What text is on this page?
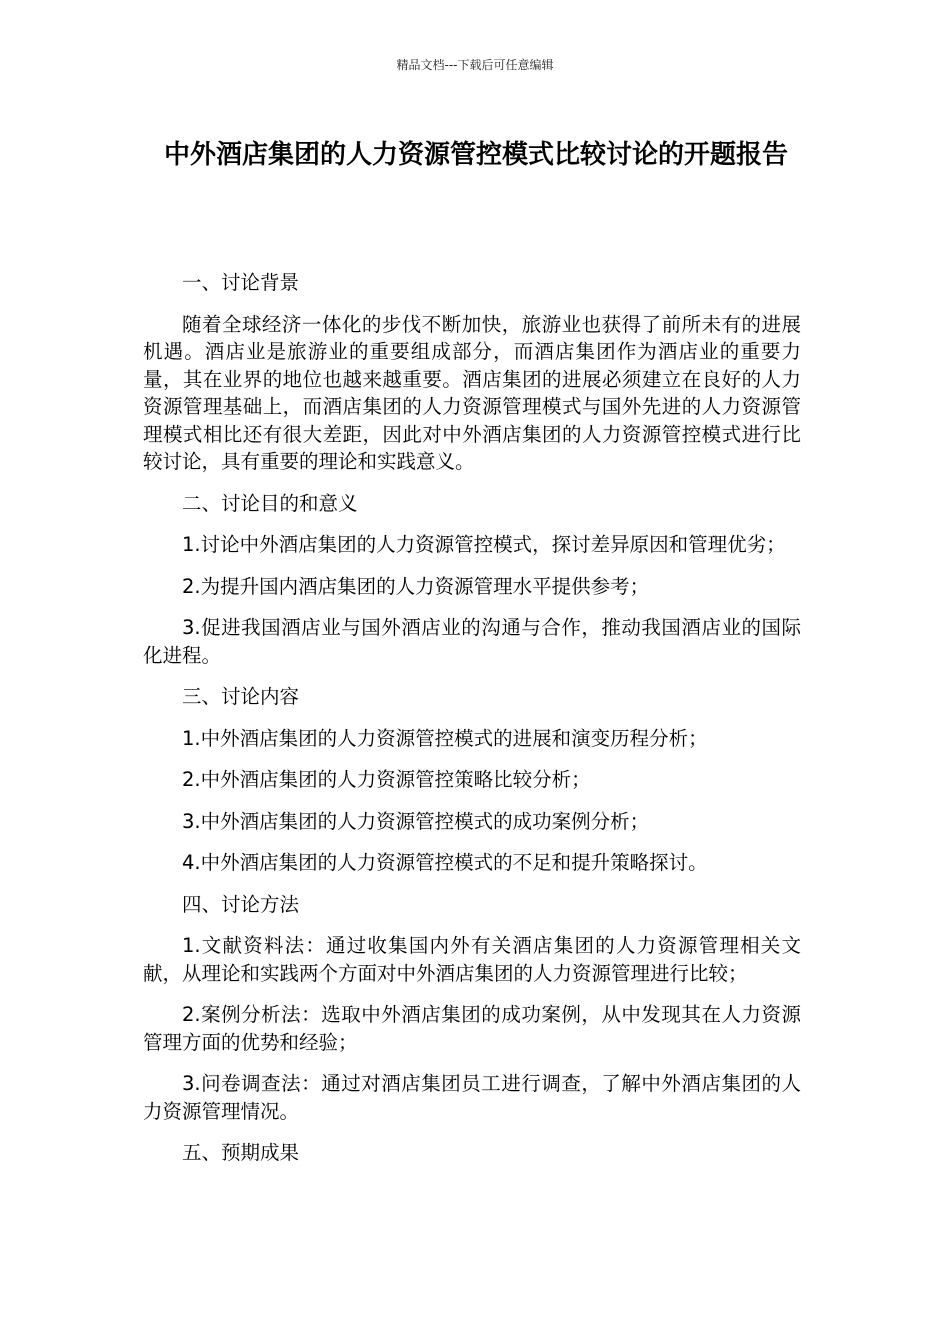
精品文档---下载后可任意编辑
中外酒店集团的人力资源管控模式比较讨论的开题报告

一、讨论背景

随着全球经济一体化的步伐不断加快，旅游业也获得了前所未有的进展机遇。酒店业是旅游业的重要组成部分，而酒店集团作为酒店业的重要力量，其在业界的地位也越来越重要。酒店集团的进展必须建立在良好的人力资源管理基础上，而酒店集团的人力资源管理模式与国外先进的人力资源管理模式相比还有很大差距，因此对中外酒店集团的人力资源管控模式进行比较讨论，具有重要的理论和实践意义。

二、讨论目的和意义

1.讨论中外酒店集团的人力资源管控模式，探讨差异原因和管理优劣；

2.为提升国内酒店集团的人力资源管理水平提供参考；

3.促进我国酒店业与国外酒店业的沟通与合作，推动我国酒店业的国际化进程。

三、讨论内容

1.中外酒店集团的人力资源管控模式的进展和演变历程分析；

2.中外酒店集团的人力资源管控策略比较分析；

3.中外酒店集团的人力资源管控模式的成功案例分析；

4.中外酒店集团的人力资源管控模式的不足和提升策略探讨。

四、讨论方法

1.文献资料法：通过收集国内外有关酒店集团的人力资源管理相关文献，从理论和实践两个方面对中外酒店集团的人力资源管理进行比较；

2.案例分析法：选取中外酒店集团的成功案例，从中发现其在人力资源管理方面的优势和经验；

3.问卷调查法：通过对酒店集团员工进行调查，了解中外酒店集团的人力资源管理情况。

五、预期成果
